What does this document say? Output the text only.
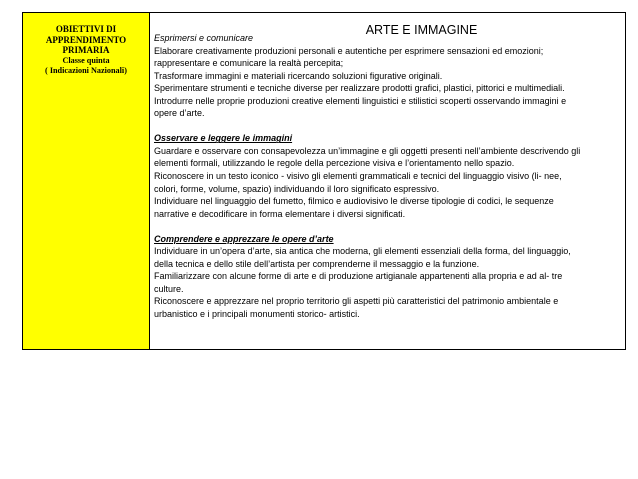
OBIETTIVI DI
APPRENDIMENTO
PRIMARIA
Classe quinta
( Indicazioni Nazionali)
ARTE E IMMAGINE
Esprimersi e comunicare
Elaborare creativamente produzioni personali e autentiche per esprimere sensazioni ed emozioni;
rappresentare e comunicare la realtà percepita;
Trasformare immagini e materiali ricercando soluzioni figurative originali.
Sperimentare strumenti e tecniche diverse per realizzare prodotti grafici, plastici, pittorici e multimediali.
Introdurre nelle proprie produzioni creative elementi linguistici e stilistici scoperti osservando immagini e
opere d’arte.
Osservare e leggere le immagini
Guardare e osservare con consapevolezza un’immagine e gli oggetti presenti nell’ambiente descrivendo gli
elementi formali, utilizzando le regole della percezione visiva e l’orientamento nello spazio.
Riconoscere in un testo iconico - visivo gli elementi grammaticali e tecnici del linguaggio visivo (li- nee,
colori, forme, volume, spazio) individuando il loro significato espressivo.
Individuare nel linguaggio del fumetto, filmico e audiovisivo le diverse tipologie di codici, le sequenze
narrative e decodificare in forma elementare i diversi significati.
Comprendere e apprezzare le opere d’arte
Individuare in un’opera d’arte, sia antica che moderna, gli elementi essenziali della forma, del linguaggio,
della tecnica e dello stile dell’artista per comprenderne il messaggio e la funzione.
Familiarizzare con alcune forme di arte e di produzione artigianale appartenenti alla propria e ad al- tre
culture.
Riconoscere e apprezzare nel proprio territorio gli aspetti più caratteristici del patrimonio ambientale e
urbanistico e i principali monumenti storico- artistici.
